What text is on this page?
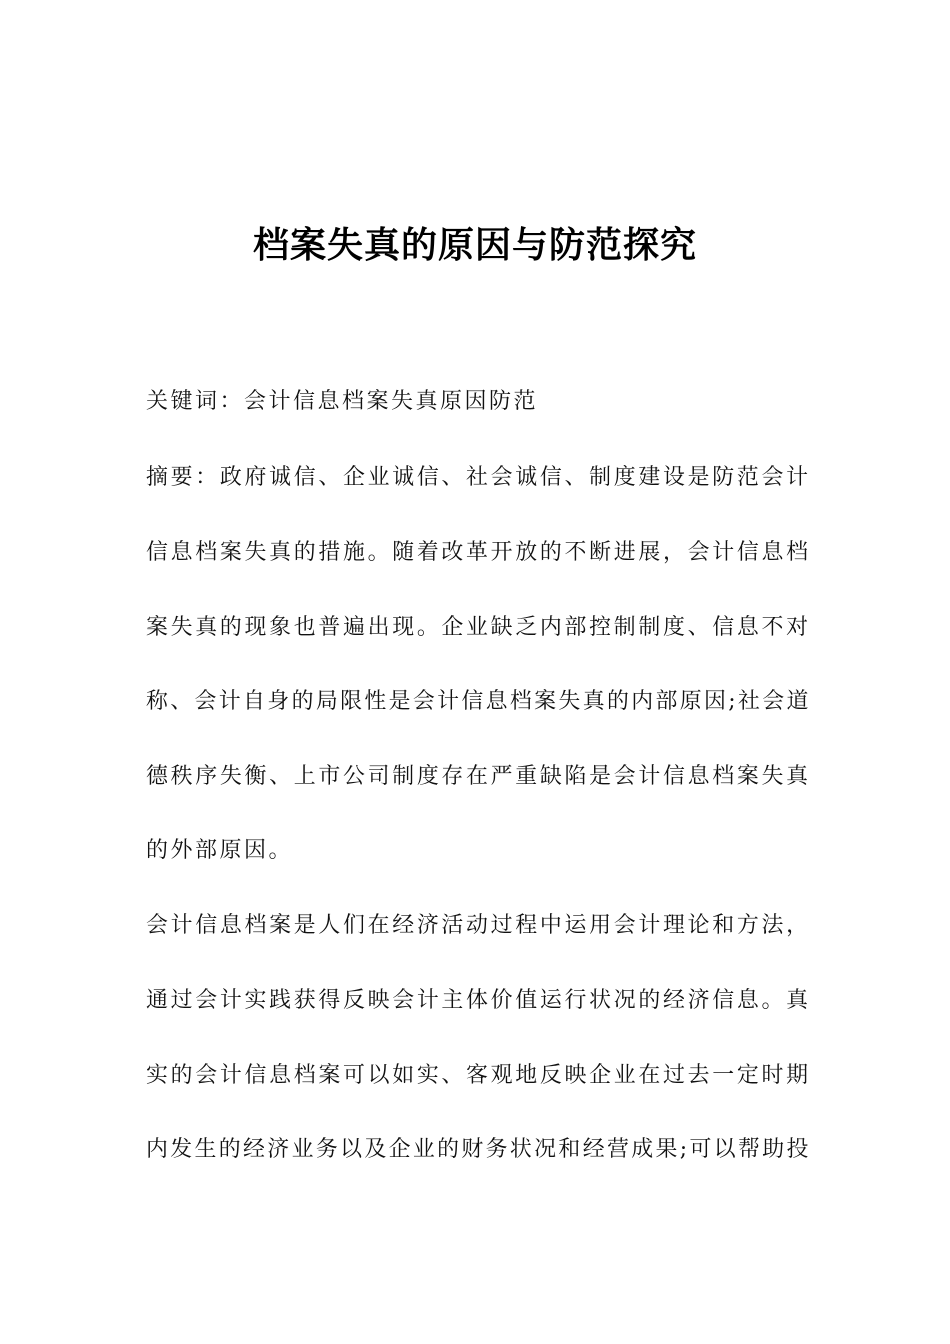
档案失真的原因与防范探究
关键词：会计信息档案失真原因防范
摘要：政府诚信、企业诚信、社会诚信、制度建设是防范会计
信息档案失真的措施。随着改革开放的不断进展，会计信息档
案失真的现象也普遍出现。企业缺乏内部控制制度、信息不对
称、会计自身的局限性是会计信息档案失真的内部原因;社会道
德秩序失衡、上市公司制度存在严重缺陷是会计信息档案失真
的外部原因。
会计信息档案是人们在经济活动过程中运用会计理论和方法，
通过会计实践获得反映会计主体价值运行状况的经济信息。真
实的会计信息档案可以如实、客观地反映企业在过去一定时期
内发生的经济业务以及企业的财务状况和经营成果;可以帮助投
